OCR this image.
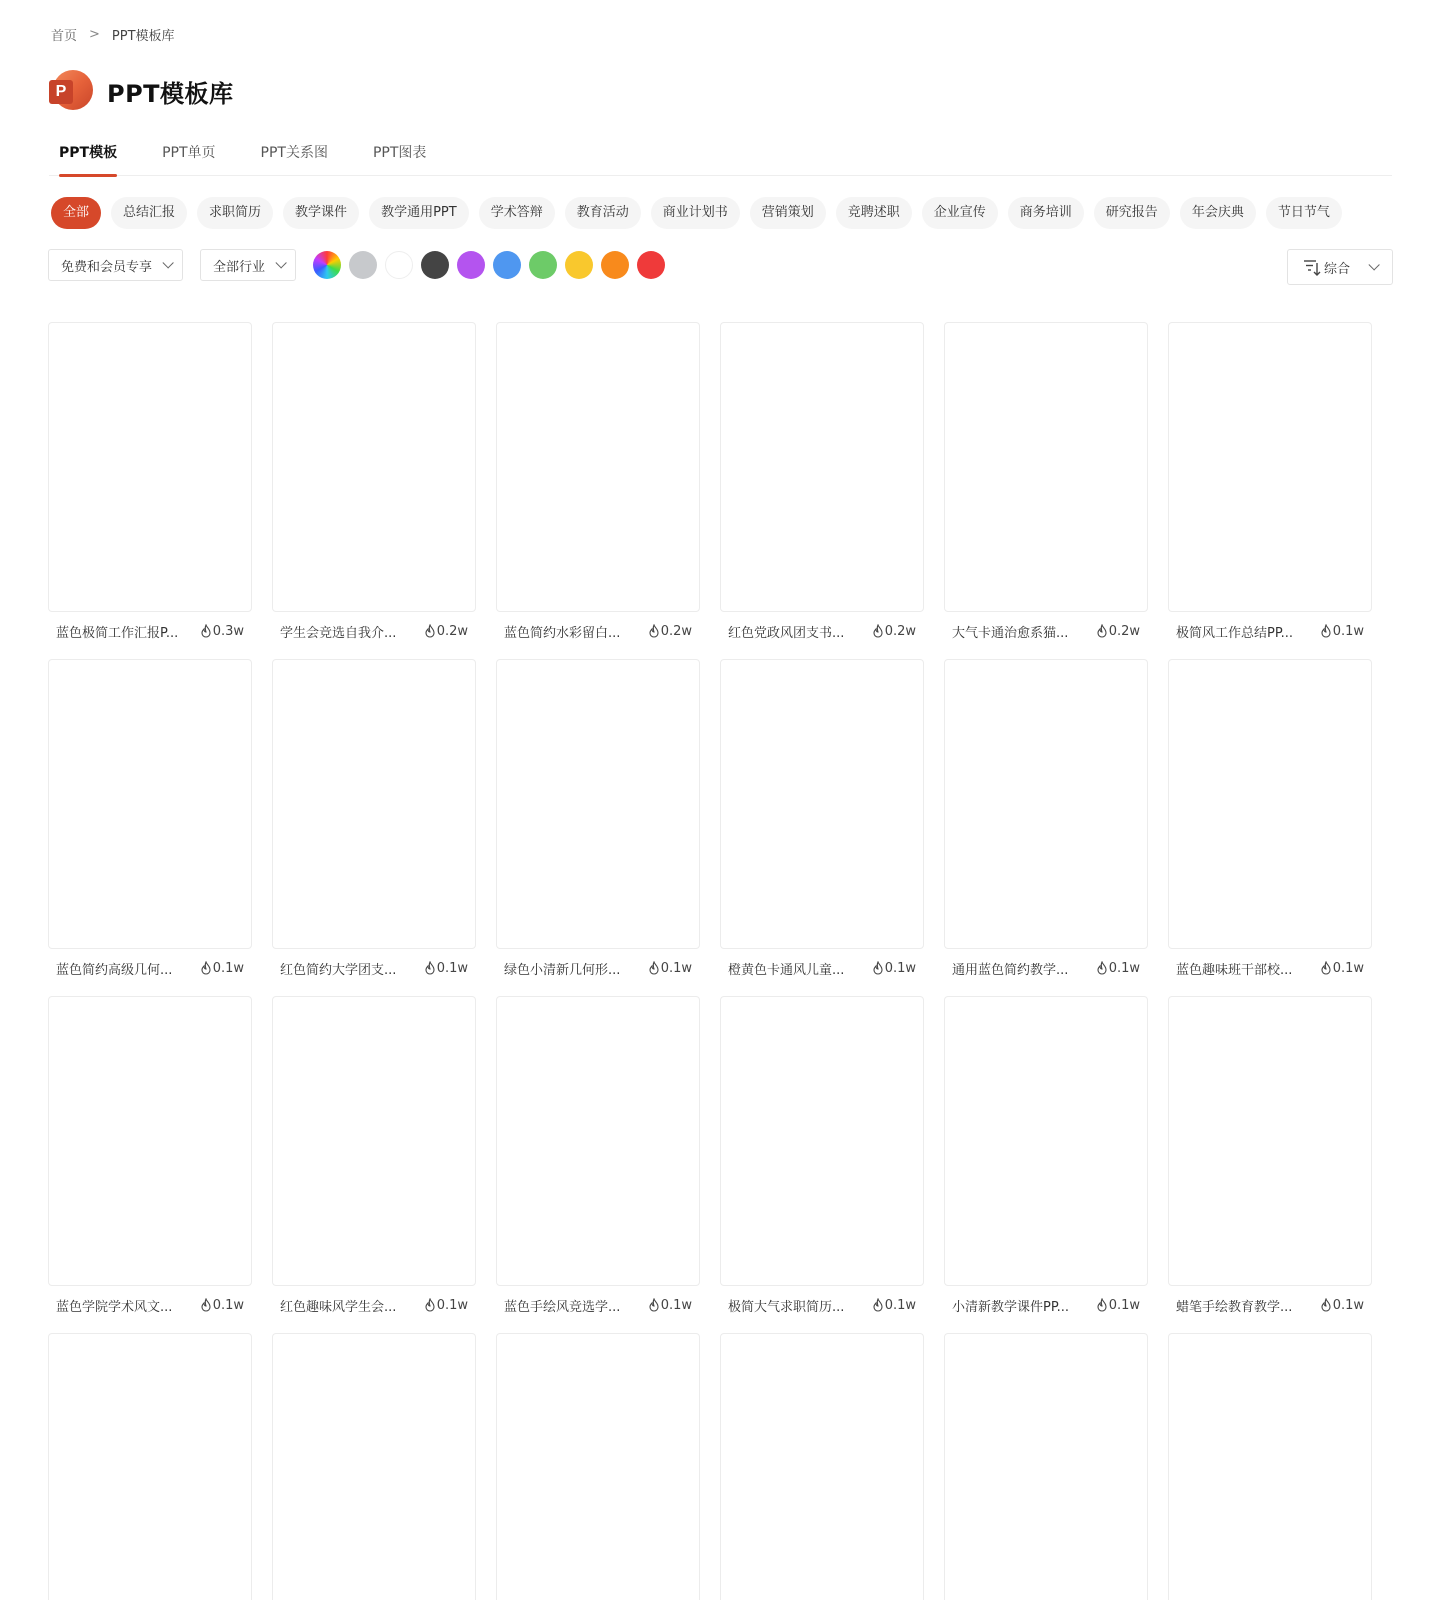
首页 > PPT模板库
P PPT模板库
PPT模板	PPT单页	PPT关系图	PPT图表
全部	总结汇报	求职简历	教学课件	教学通用PPT	学术答辩	教育活动	商业计划书	营销策划	竞聘述职	企业宣传	商务培训	研究报告	年会庆典	节日节气
免费和会员专享	全部行业	综合
蓝色极简工作汇报P...	0.3w	学生会竞选自我介...	0.2w	蓝色简约水彩留白...	0.2w	红色党政风团支书...	0.2w	大气卡通治愈系猫...	0.2w	极简风工作总结PP...	0.1w
蓝色简约高级几何...	0.1w	红色简约大学团支...	0.1w	绿色小清新几何形...	0.1w	橙黄色卡通风儿童...	0.1w	通用蓝色简约教学...	0.1w	蓝色趣味班干部校...	0.1w
蓝色学院学术风文...	0.1w	红色趣味风学生会...	0.1w	蓝色手绘风竞选学...	0.1w	极简大气求职简历...	0.1w	小清新教学课件PP...	0.1w	蜡笔手绘教育教学...	0.1w
